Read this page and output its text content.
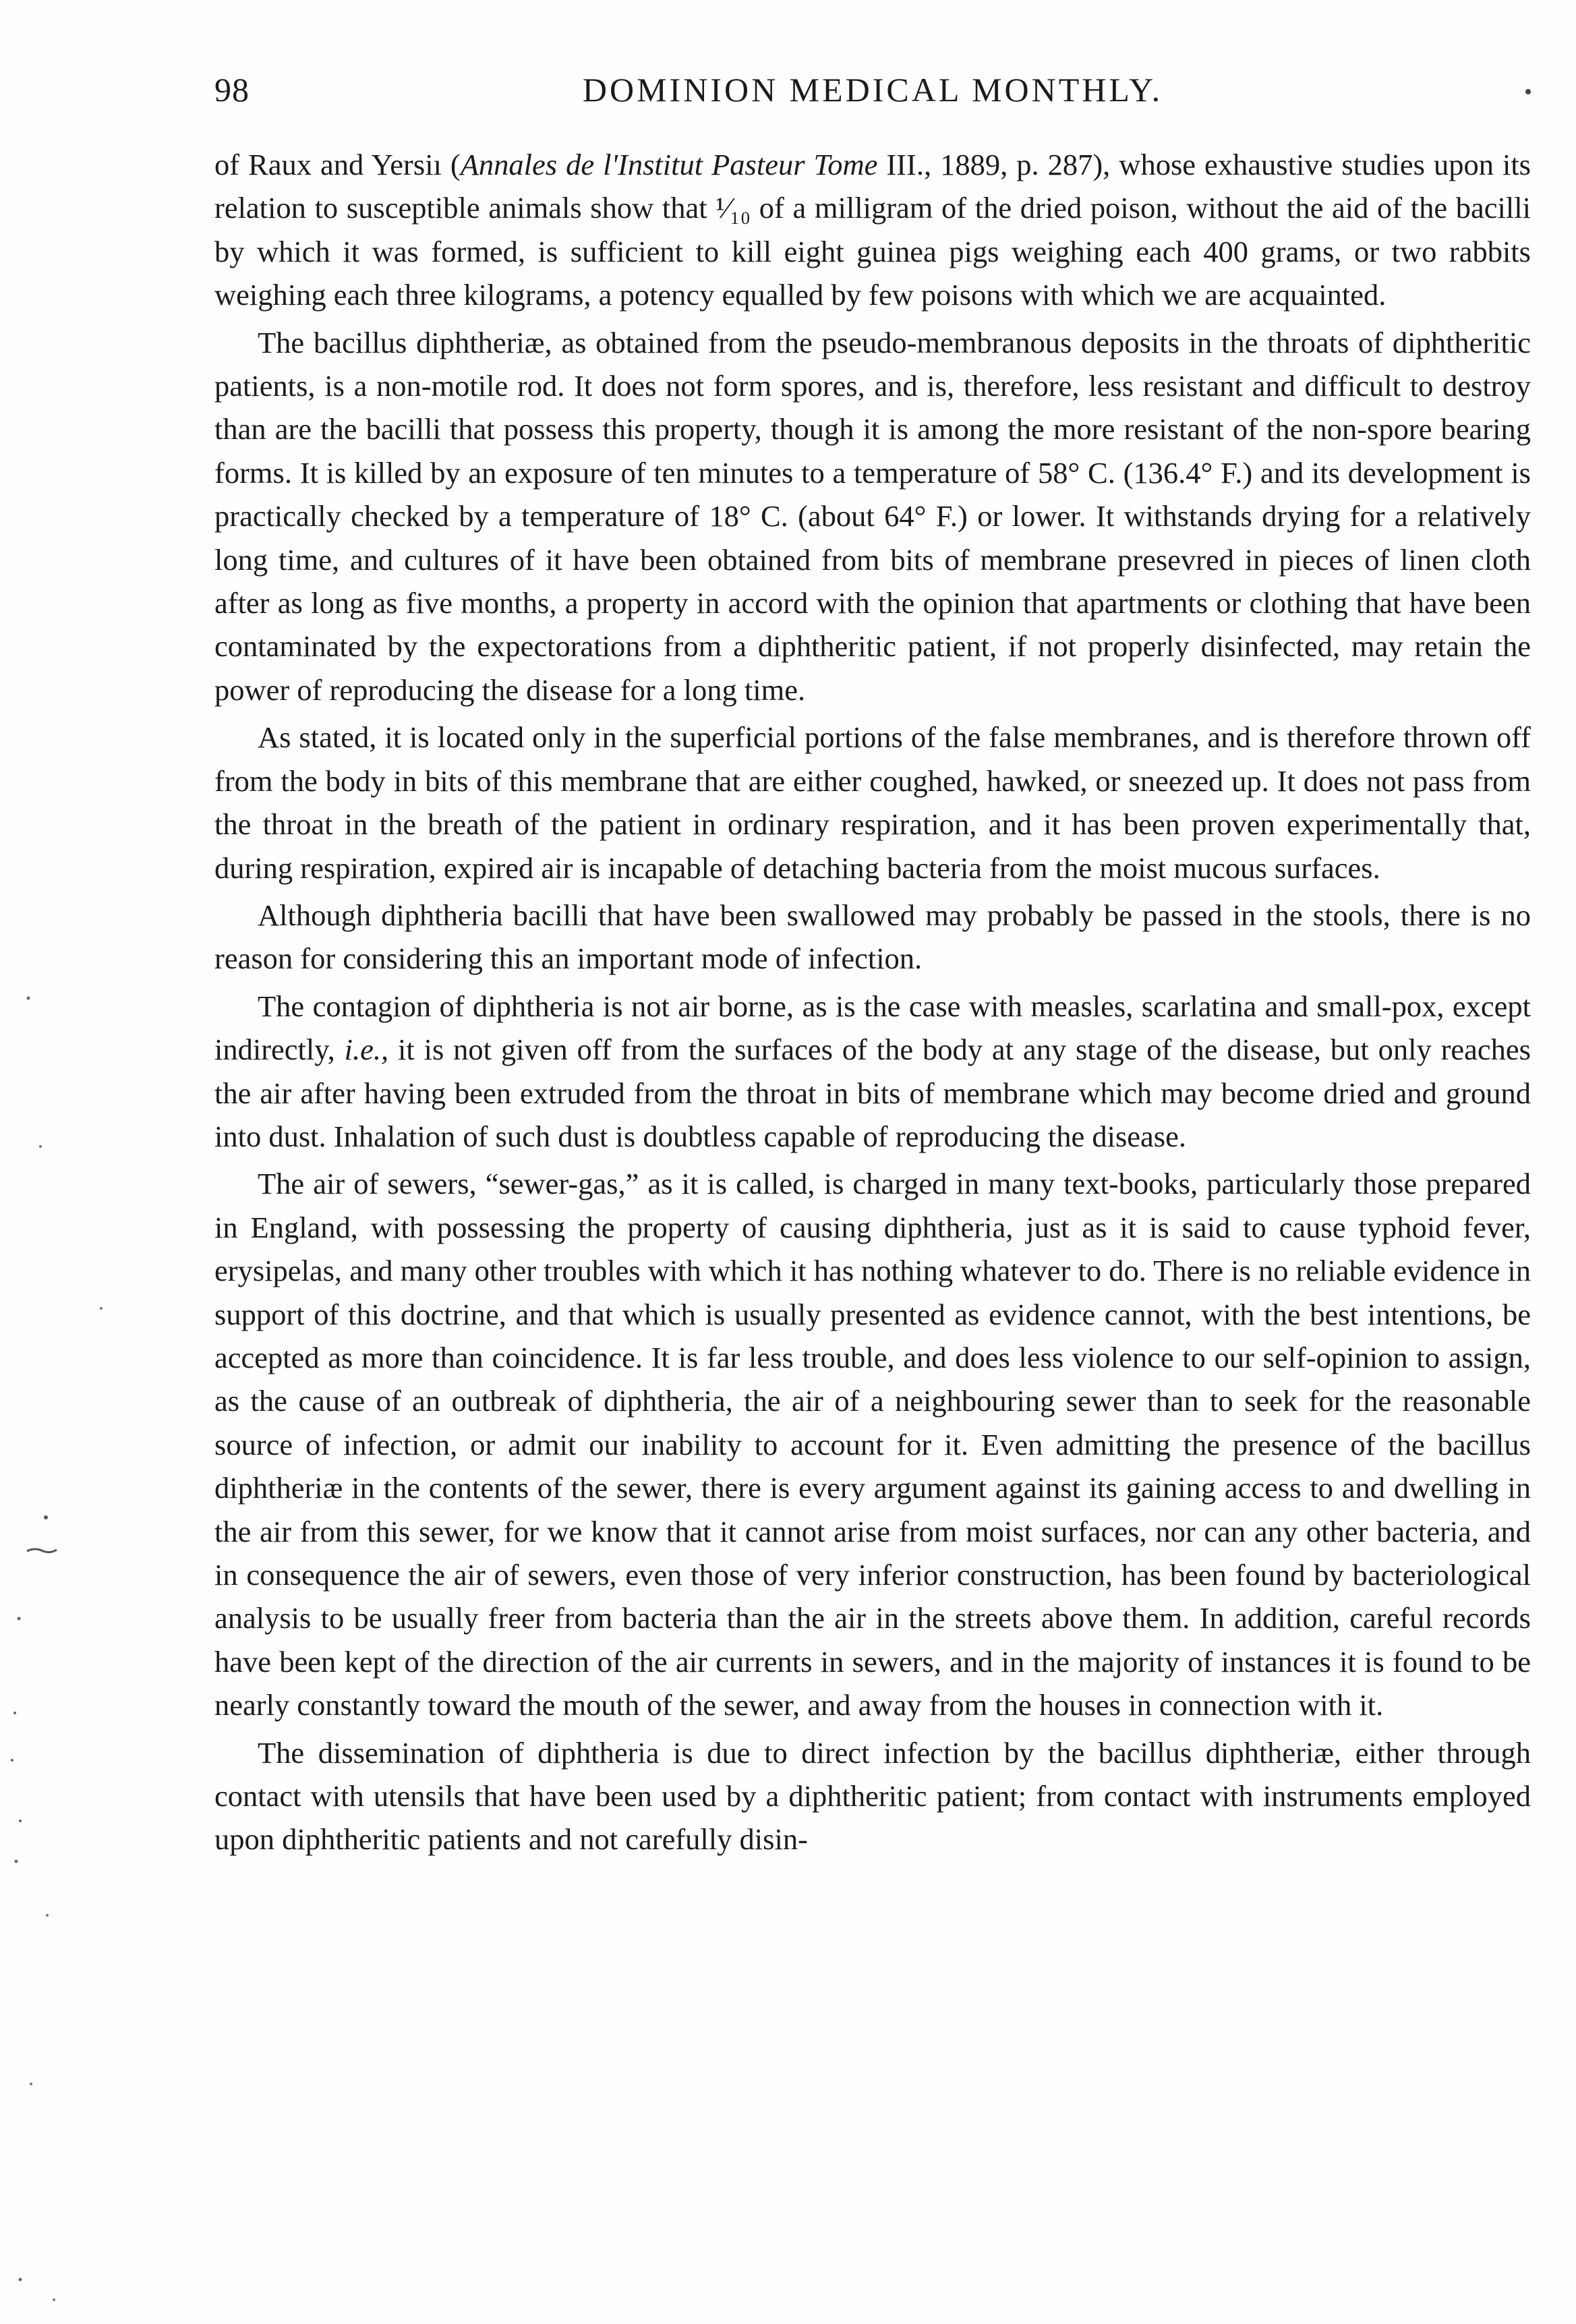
98	DOMINION MEDICAL MONTHLY.

of Raux and Yersiı (Annales de l'Institut Pasteur Tome III., 1889, p. 287), whose exhaustive studies upon its relation to susceptible animals show that ¹⁄₁₀ of a milligram of the dried poison, without the aid of the bacilli by which it was formed, is sufficient to kill eight guinea pigs weighing each 400 grams, or two rabbits weighing each three kilograms, a potency equalled by few poisons with which we are acquainted.

The bacillus diphtheriæ, as obtained from the pseudo-membranous deposits in the throats of diphtheritic patients, is a non-motile rod. It does not form spores, and is, therefore, less resistant and difficult to destroy than are the bacilli that possess this property, though it is among the more resistant of the non-spore bearing forms. It is killed by an exposure of ten minutes to a temperature of 58° C. (136.4° F.) and its development is practically checked by a temperature of 18° C. (about 64° F.) or lower. It withstands drying for a relatively long time, and cultures of it have been obtained from bits of membrane presevred in pieces of linen cloth after as long as five months, a property in accord with the opinion that apartments or clothing that have been contaminated by the expectorations from a diphtheritic patient, if not properly disinfected, may retain the power of reproducing the disease for a long time.

As stated, it is located only in the superficial portions of the false membranes, and is therefore thrown off from the body in bits of this membrane that are either coughed, hawked, or sneezed up. It does not pass from the throat in the breath of the patient in ordinary respiration, and it has been proven experimentally that, during respiration, expired air is incapable of detaching bacteria from the moist mucous surfaces.

Although diphtheria bacilli that have been swallowed may probably be passed in the stools, there is no reason for considering this an important mode of infection.

The contagion of diphtheria is not air borne, as is the case with measles, scarlatina and small-pox, except indirectly, i.e., it is not given off from the surfaces of the body at any stage of the disease, but only reaches the air after having been extruded from the throat in bits of membrane which may become dried and ground into dust. Inhalation of such dust is doubtless capable of reproducing the disease.

The air of sewers, “sewer-gas,” as it is called, is charged in many text-books, particularly those prepared in England, with possessing the property of causing diphtheria, just as it is said to cause typhoid fever, erysipelas, and many other troubles with which it has nothing whatever to do. There is no reliable evidence in support of this doctrine, and that which is usually presented as evidence cannot, with the best intentions, be accepted as more than coincidence. It is far less trouble, and does less violence to our self-opinion to assign, as the cause of an outbreak of diphtheria, the air of a neighbouring sewer than to seek for the reasonable source of infection, or admit our inability to account for it. Even admitting the presence of the bacillus diphtheriæ in the contents of the sewer, there is every argument against its gaining access to and dwelling in the air from this sewer, for we know that it cannot arise from moist surfaces, nor can any other bacteria, and in consequence the air of sewers, even those of very inferior construction, has been found by bacteriological analysis to be usually freer from bacteria than the air in the streets above them. In addition, careful records have been kept of the direction of the air currents in sewers, and in the majority of instances it is found to be nearly constantly toward the mouth of the sewer, and away from the houses in connection with it.

The dissemination of diphtheria is due to direct infection by the bacillus diphtheriæ, either through contact with utensils that have been used by a diphtheritic patient; from contact with instruments employed upon diphtheritic patients and not carefully disin-
